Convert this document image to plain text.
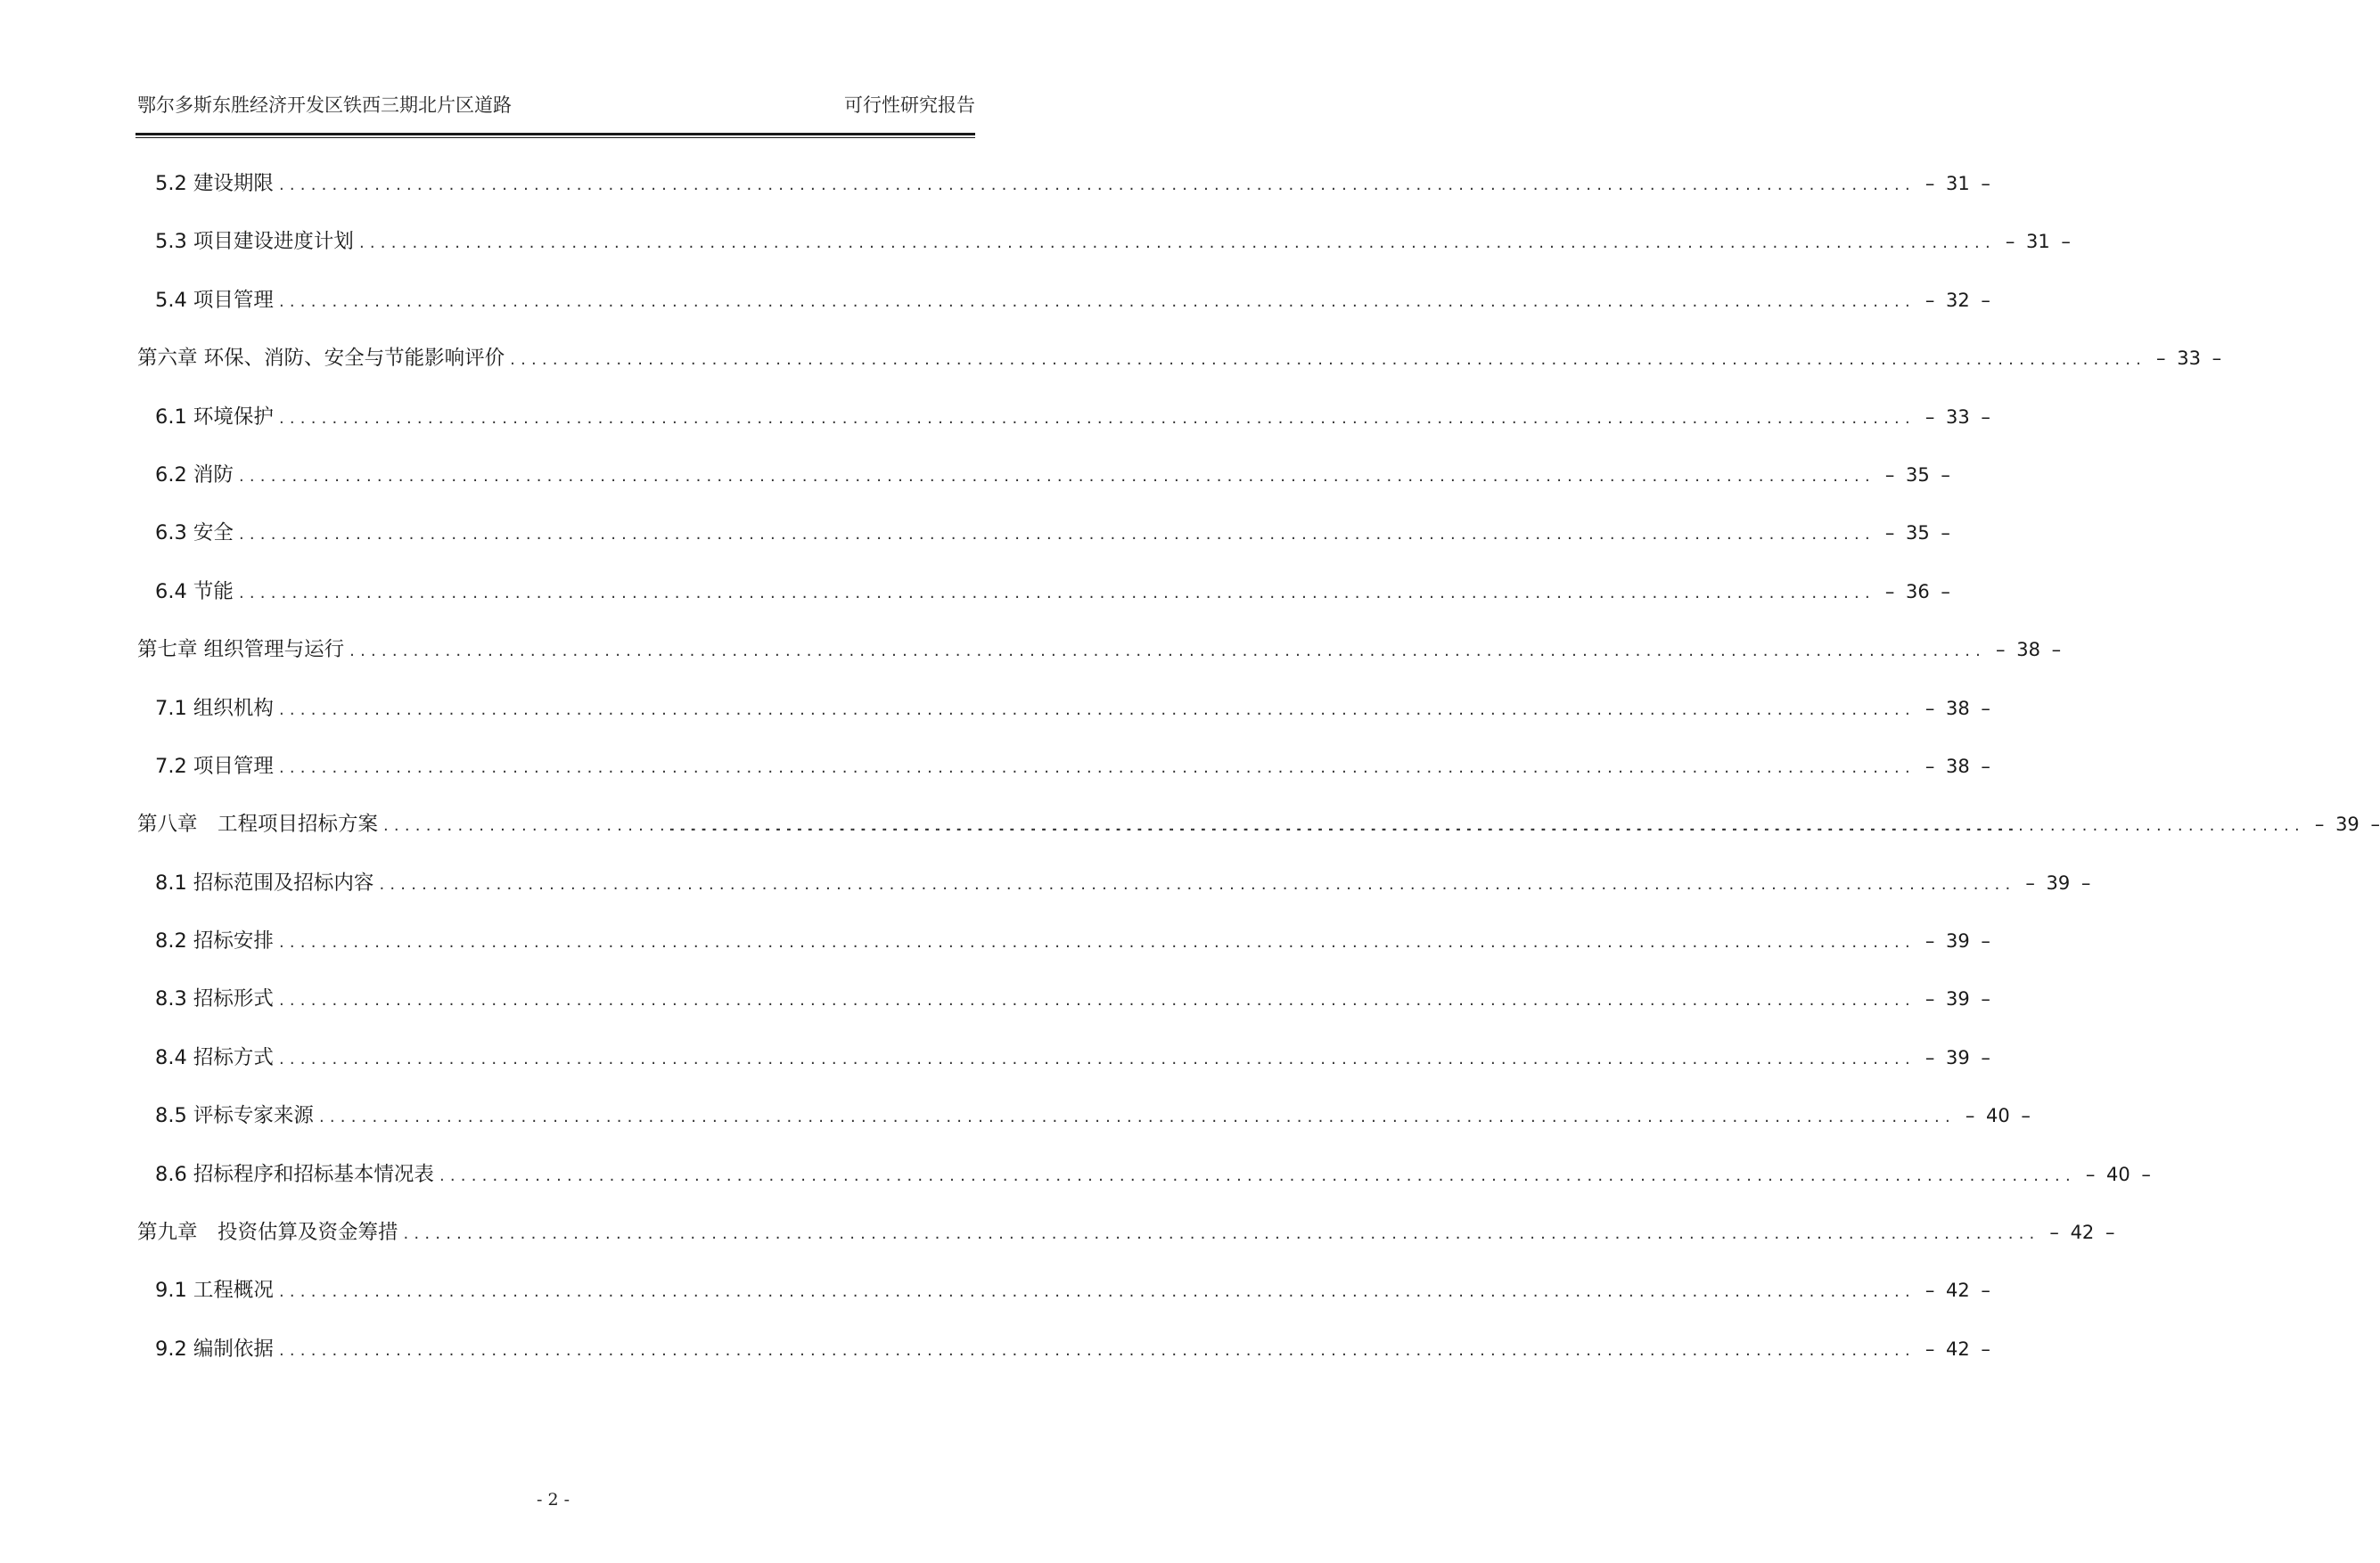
鄂尔多斯东胜经济开发区铁西三期北片区道路	可行性研究报告
5.2 建设期限 .....	– 31 –
5.3 项目建设进度计划 .....	– 31 –
5.4 项目管理 .....	– 32 –
第六章 环保、消防、安全与节能影响评价 .....	– 33 –
6.1 环境保护 .....	– 33 –
6.2 消防 .....	– 35 –
6.3 安全 .....	– 35 –
6.4 节能 .....	– 36 –
第七章 组织管理与运行 .....	– 38 –
7.1 组织机构 .....	– 38 –
7.2 项目管理 .....	– 38 –
第八章　工程项目招标方案 ..... .....	– 39 –
8.1 招标范围及招标内容 .....	– 39 –
8.2 招标安排 .....	– 39 –
8.3 招标形式 .....	– 39 –
8.4 招标方式 .....	– 39 –
8.5 评标专家来源 .....	– 40 –
8.6 招标程序和招标基本情况表 .....	– 40 –
第九章　投资估算及资金筹措 .....	– 42 –
9.1 工程概况 .....	– 42 –
9.2 编制依据 .....	– 42 –
- 2 -
